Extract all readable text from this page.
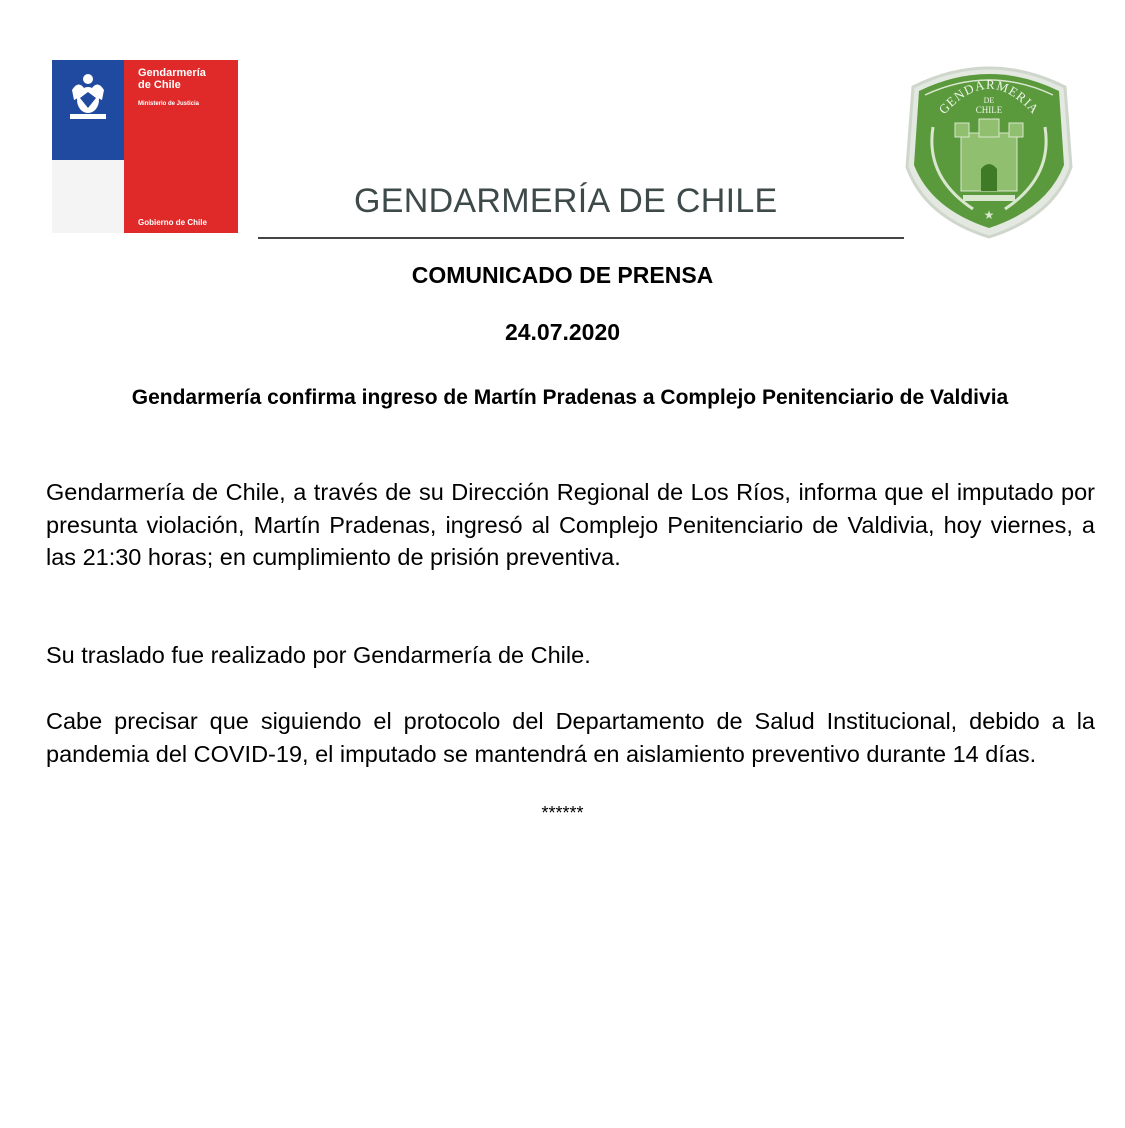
Gendarmería
de Chile
Ministerio de Justicia
Gobierno de Chile
GENDARMERÍA DE CHILE
GENDARMERIA
DE
CHILE
★
COMUNICADO DE PRENSA
24.07.2020
Gendarmería confirma ingreso de Martín Pradenas a Complejo Penitenciario de Valdivia
Gendarmería de Chile, a través de su Dirección Regional de Los Ríos, informa que el imputado por presunta violación, Martín Pradenas, ingresó al Complejo Penitenciario de Valdivia, hoy viernes, a las 21:30 horas; en cumplimiento de prisión preventiva.
Su traslado fue realizado por Gendarmería de Chile.
Cabe precisar que siguiendo el protocolo del Departamento de Salud Institucional, debido a la pandemia del COVID-19, el imputado se mantendrá en aislamiento preventivo durante 14 días.
******
